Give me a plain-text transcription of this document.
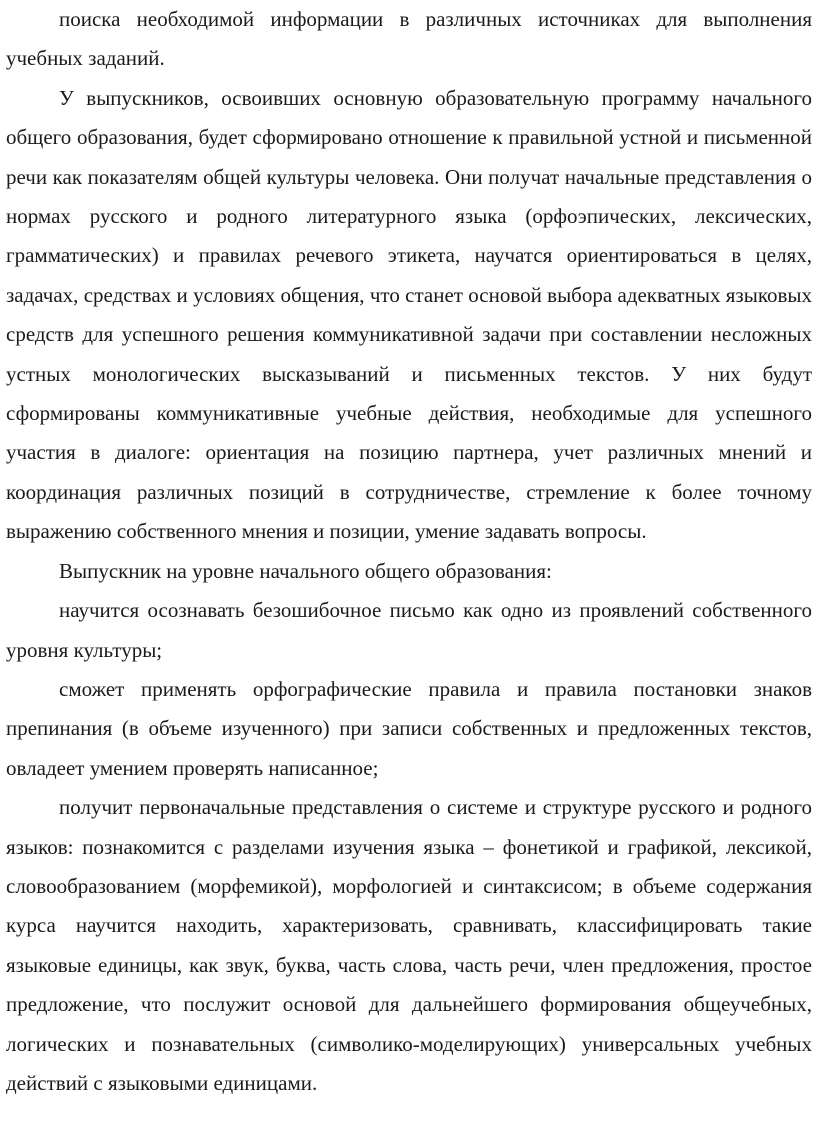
поиска необходимой информации в различных источниках для выполнения учебных заданий.

У выпускников, освоивших основную образовательную программу начального общего образования, будет сформировано отношение к правильной устной и письменной речи как показателям общей культуры человека. Они получат начальные представления о нормах русского и родного литературного языка (орфоэпических, лексических, грамматических) и правилах речевого этикета, научатся ориентироваться в целях, задачах, средствах и условиях общения, что станет основой выбора адекватных языковых средств для успешного решения коммуникативной задачи при составлении несложных устных монологических высказываний и письменных текстов. У них будут сформированы коммуникативные учебные действия, необходимые для успешного участия в диалоге: ориентация на позицию партнера, учет различных мнений и координация различных позиций в сотрудничестве, стремление к более точному выражению собственного мнения и позиции, умение задавать вопросы.

Выпускник на уровне начального общего образования:

научится осознавать безошибочное письмо как одно из проявлений собственного уровня культуры;

сможет применять орфографические правила и правила постановки знаков препинания (в объеме изученного) при записи собственных и предложенных текстов, овладеет умением проверять написанное;

получит первоначальные представления о системе и структуре русского и родного языков: познакомится с разделами изучения языка – фонетикой и графикой, лексикой, словообразованием (морфемикой), морфологией и синтаксисом; в объеме содержания курса научится находить, характеризовать, сравнивать, классифицировать такие языковые единицы, как звук, буква, часть слова, часть речи, член предложения, простое предложение, что послужит основой для дальнейшего формирования общеучебных, логических и познавательных (символико-моделирующих) универсальных учебных действий с языковыми единицами.
